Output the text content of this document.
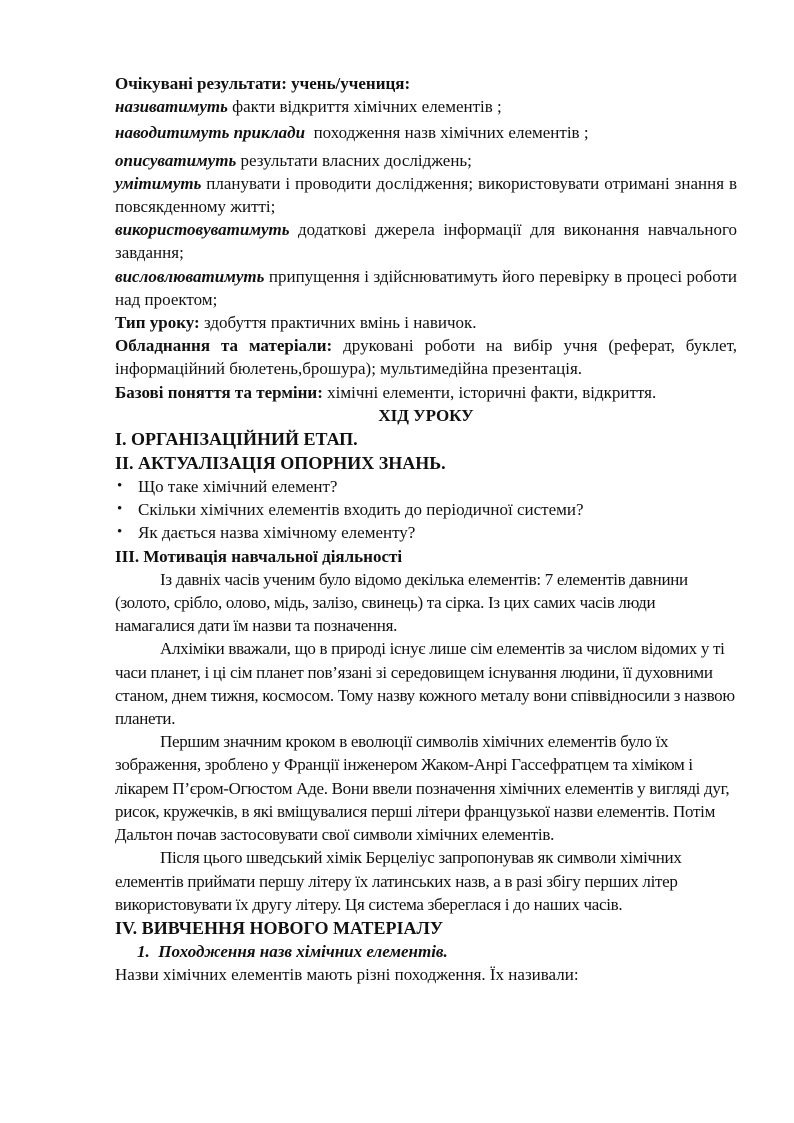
Очікувані результати: учень/учениця:

називатимуть факти відкриття хімічних елементів ;

наводитимуть приклади  походження назв хімічних елементів ;

описуватимуть результати власних досліджень;

умітимуть планувати і проводити дослідження; використовувати отримані знання в повсякденному житті;

використовуватимуть додаткові джерела інформації для виконання навчального завдання;

висловлюватимуть припущення і здійснюватимуть його перевірку в процесі роботи над проектом;

Тип уроку: здобуття практичних вмінь і навичок.

Обладнання та матеріали: друковані роботи на вибір учня (реферат, буклет, інформаційний бюлетень,брошура); мультимедійна презентація.

Базові поняття та терміни: хімічні елементи, історичні факти, відкриття.

ХІД УРОКУ

І. ОРГАНІЗАЦІЙНИЙ ЕТАП.

ІІ. АКТУАЛІЗАЦІЯ ОПОРНИХ ЗНАНЬ.

• Що таке хімічний елемент?
• Скільки хімічних елементів входить до періодичної системи?
• Як дається назва хімічному елементу?

ІІІ. Мотивація навчальної діяльності

Із давніх часів ученим було відомо декілька елементів: 7 елементів давнини (золото, срібло, олово, мідь, залізо, свинець) та сірка. Із цих самих часів люди намагалися дати їм назви та позначення.

Алхіміки вважали, що в природі існує лише сім елементів за числом відомих у ті часи планет, і ці сім планет пов’язані зі середовищем існування людини, її духовними станом, днем тижня, космосом. Тому назву кожного металу вони співвідносили з назвою планети.

Першим значним кроком в еволюції символів хімічних елементів було їх зображення, зроблено у Франції інженером Жаком-Анрі Гассефратцем та хіміком і лікарем П’єром-Огюстом Аде. Вони ввели позначення хімічних елементів у вигляді дуг, рисок, кружечків, в які вміщувалися перші літери французької назви елементів. Потім Дальтон почав застосовувати свої символи хімічних елементів.

Після цього шведський хімік Берцеліус запропонував як символи хімічних елементів приймати першу літеру їх латинських назв, а в разі збігу перших літер використовувати їх другу літеру. Ця система збереглася і до наших часів.

IV. ВИВЧЕННЯ НОВОГО МАТЕРІАЛУ

1. Походження назв хімічних елементів.

Назви хімічних елементів мають різні походження. Їх називали:
